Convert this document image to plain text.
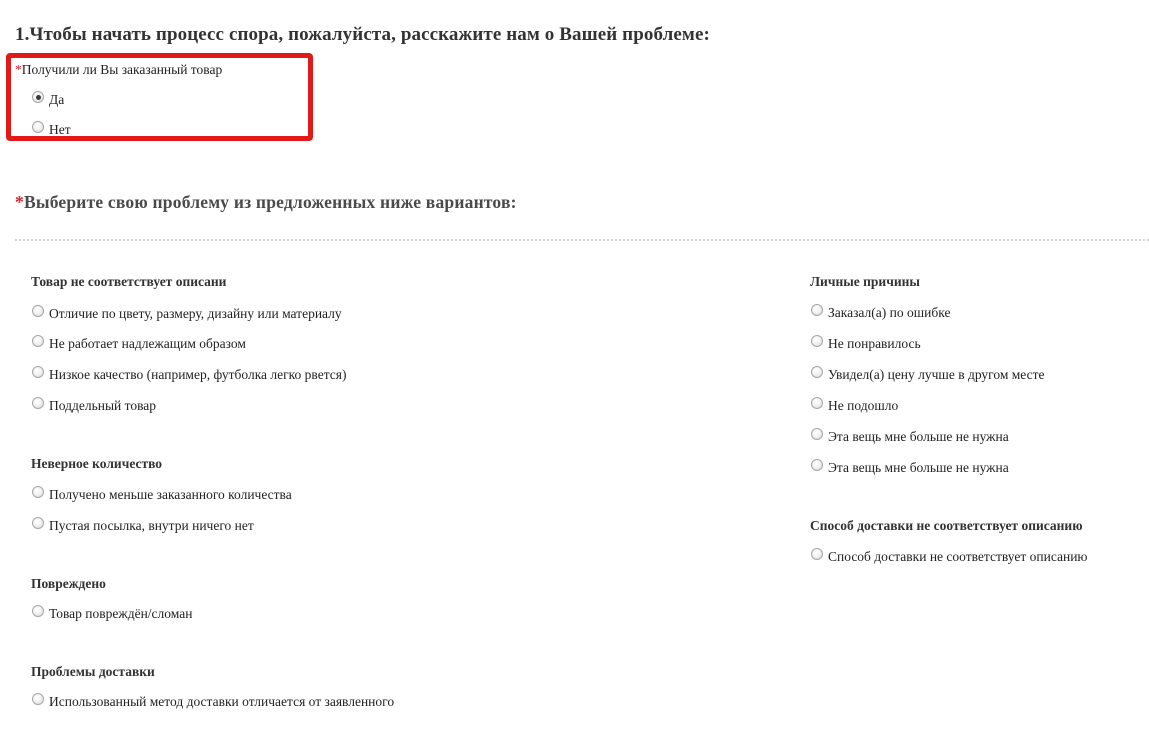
1.Чтобы начать процесс спора, пожалуйста, расскажите нам о Вашей проблеме:
*Получили ли Вы заказанный товар
Да
Нет
*Выберите свою проблему из предложенных ниже вариантов:
Товар не соответствует описани
Отличие по цвету, размеру, дизайну или материалу
Не работает надлежащим образом
Низкое качество (например, футболка легко рвется)
Поддельный товар
Неверное количество
Получено меньше заказанного количества
Пустая посылка, внутри ничего нет
Повреждено
Товар повреждён/сломан
Проблемы доставки
Использованный метод доставки отличается от заявленного
Личные причины
Заказал(а) по ошибке
Не понравилось
Увидел(а) цену лучше в другом месте
Не подошло
Эта вещь мне больше не нужна
Эта вещь мне больше не нужна
Способ доставки не соответствует описанию
Способ доставки не соответствует описанию
